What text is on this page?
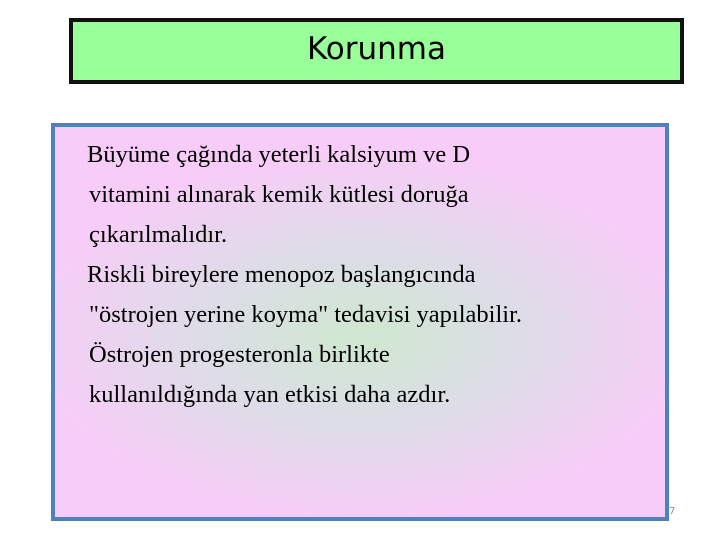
Korunma

Büyüme çağında yeterli kalsiyum ve D
vitamini alınarak kemik kütlesi doruğa
çıkarılmalıdır.

Riskli bireylere menopoz başlangıcında
"östrojen yerine koyma" tedavisi yapılabilir.
Östrojen progesteronla birlikte
kullanıldığında yan etkisi daha azdır.

7
